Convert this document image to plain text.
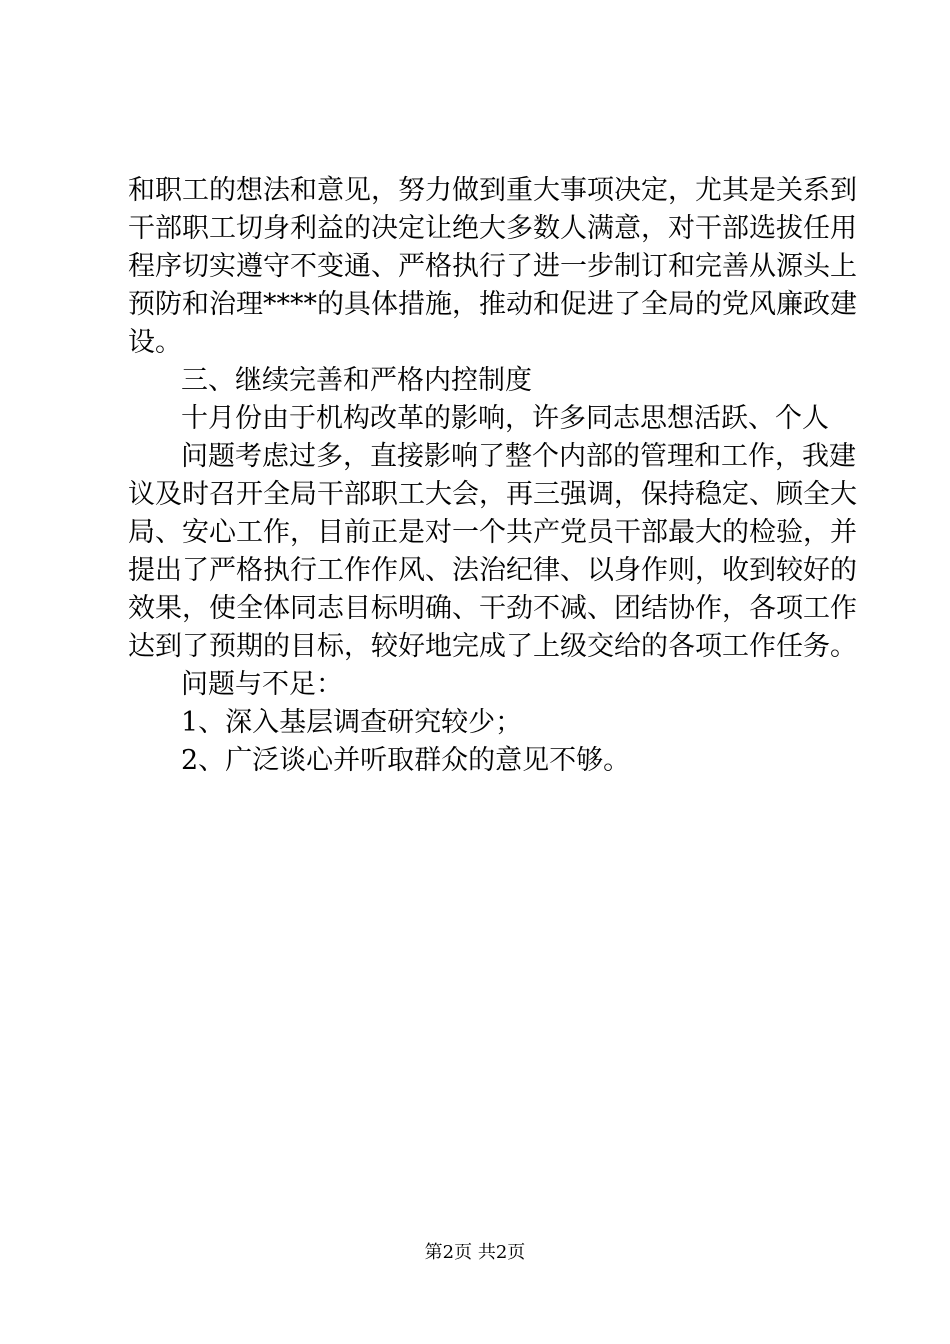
和职工的想法和意见，努力做到重大事项决定，尤其是关系到
干部职工切身利益的决定让绝大多数人满意，对干部选拔任用
程序切实遵守不变通、严格执行了进一步制订和完善从源头上
预防和治理****的具体措施，推动和促进了全局的党风廉政建
设。
三、继续完善和严格内控制度
十月份由于机构改革的影响，许多同志思想活跃、个人
问题考虑过多，直接影响了整个内部的管理和工作，我建
议及时召开全局干部职工大会，再三强调，保持稳定、顾全大
局、安心工作，目前正是对一个共产党员干部最大的检验，并
提出了严格执行工作作风、法治纪律、以身作则，收到较好的
效果，使全体同志目标明确、干劲不减、团结协作，各项工作
达到了预期的目标，较好地完成了上级交给的各项工作任务。
问题与不足：
1、深入基层调查研究较少；
2、广泛谈心并听取群众的意见不够。
第2页 共2页
